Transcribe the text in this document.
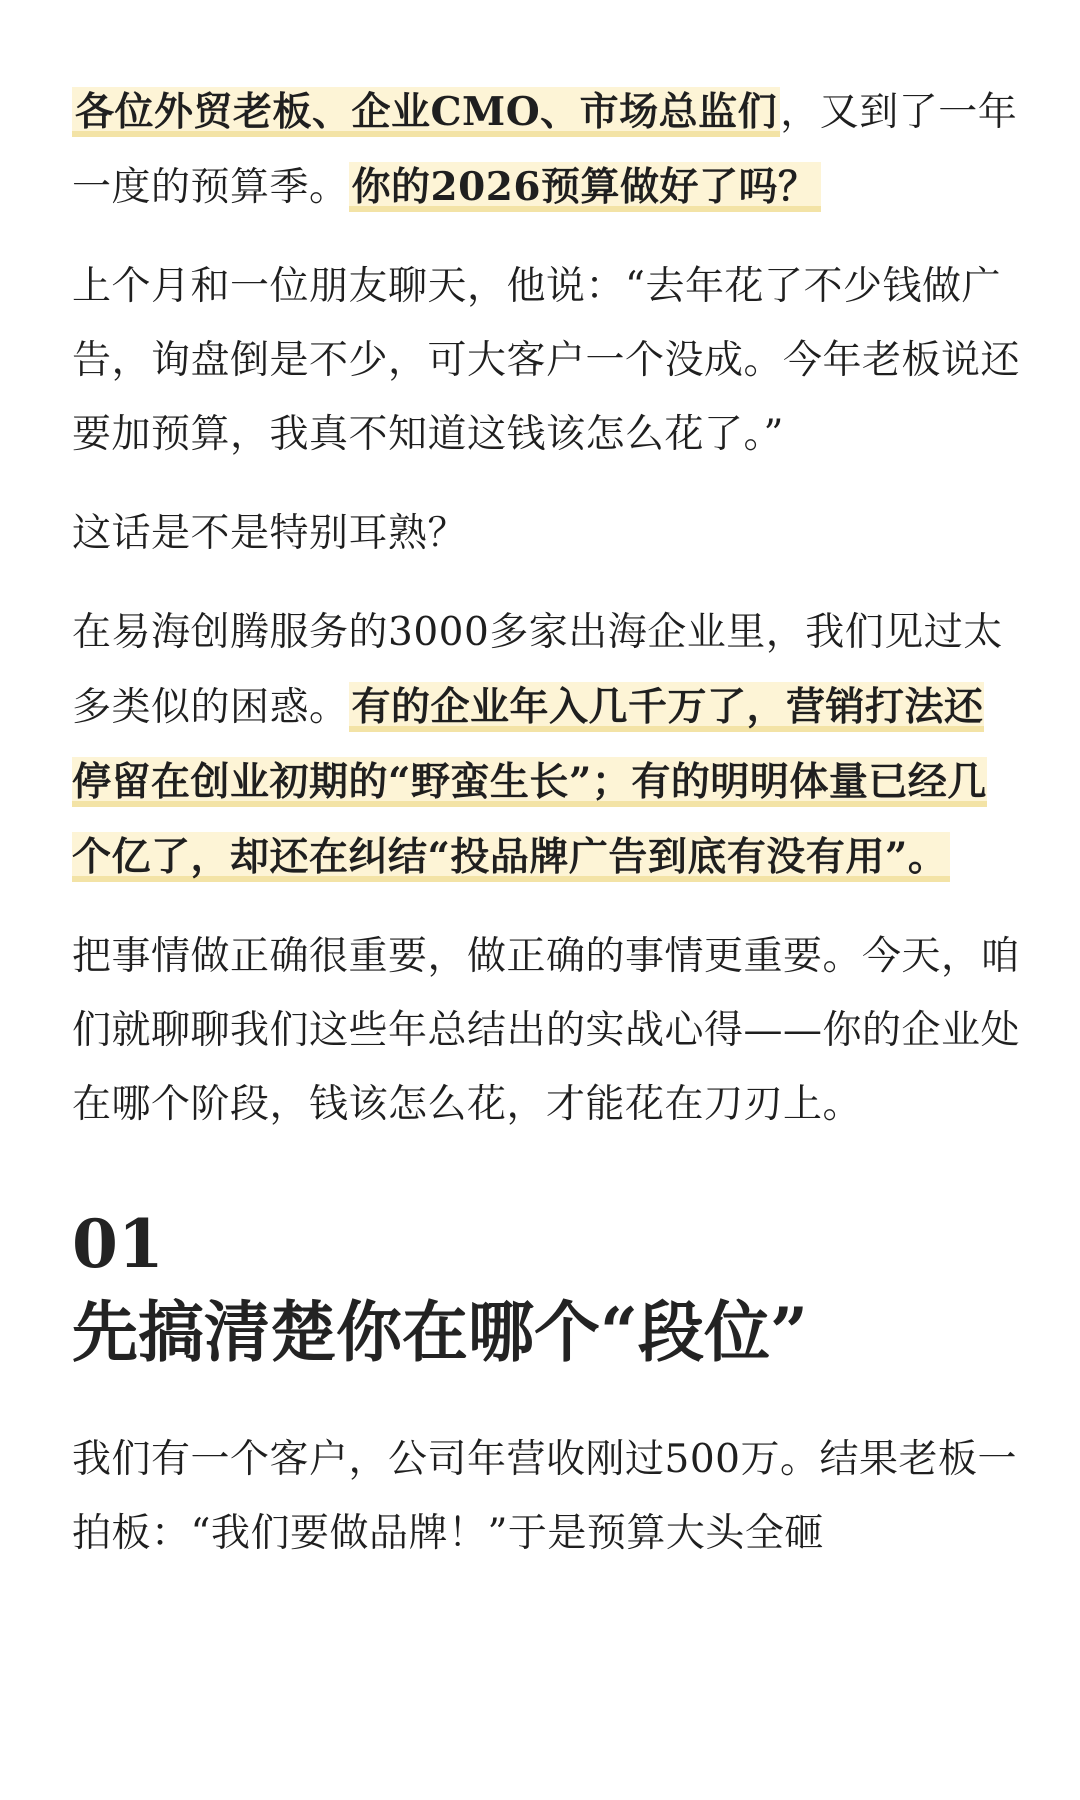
各位外贸老板、企业CMO、市场总监们，又到了一年一度的预算季。你的2026预算做好了吗？

上个月和一位朋友聊天，他说：“去年花了不少钱做广告，询盘倒是不少，可大客户一个没成。今年老板说还要加预算，我真不知道这钱该怎么花了。”

这话是不是特别耳熟？

在易海创腾服务的3000多家出海企业里，我们见过太多类似的困惑。有的企业年入几千万了，营销打法还停留在创业初期的“野蛮生长”；有的明明体量已经几个亿了，却还在纠结“投品牌广告到底有没有用”。

把事情做正确很重要，做正确的事情更重要。今天，咱们就聊聊我们这些年总结出的实战心得——你的企业处在哪个阶段，钱该怎么花，才能花在刀刃上。

01
先搞清楚你在哪个“段位”

我们有一个客户，公司年营收刚过500万。结果老板一拍板：“我们要做品牌！”于是预算大头全砸
